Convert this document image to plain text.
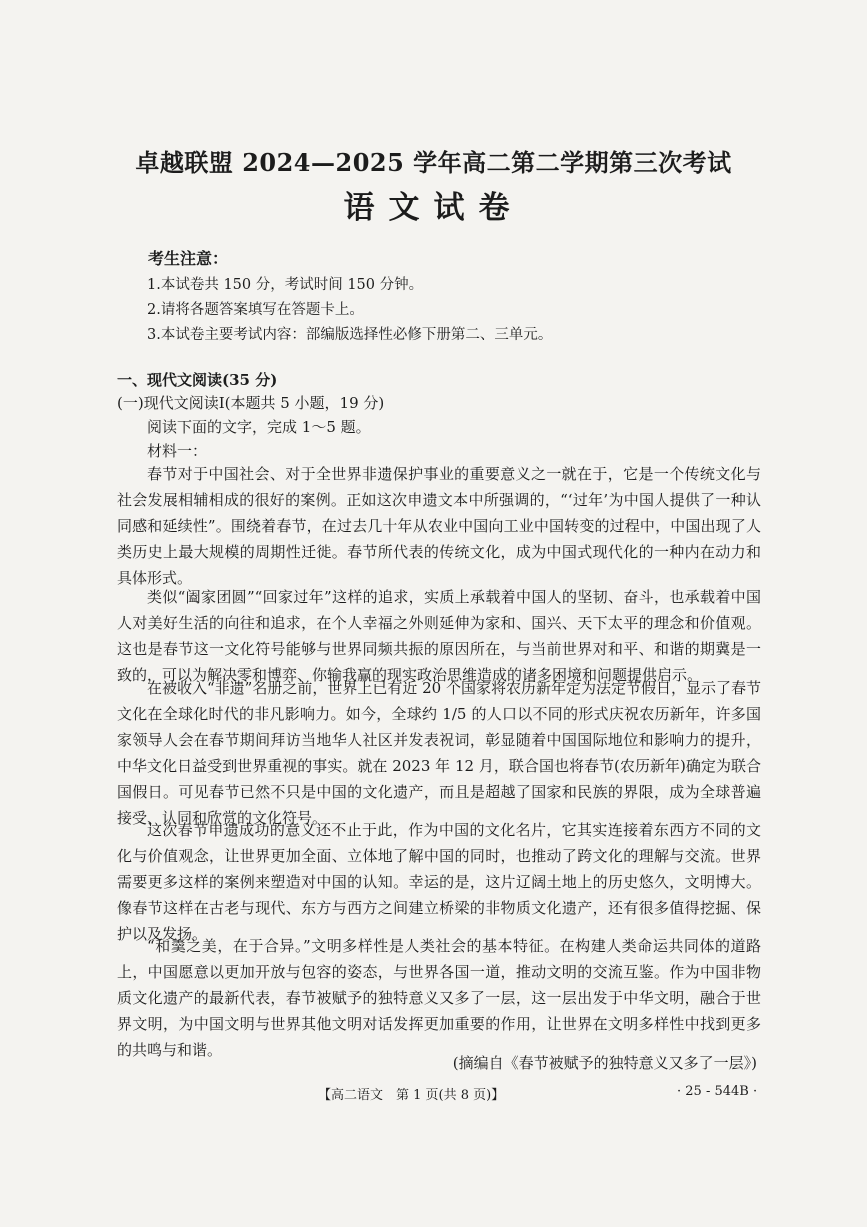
卓越联盟 2024—2025 学年高二第二学期第三次考试
语文试卷
考生注意：
1.本试卷共 150 分，考试时间 150 分钟。
2.请将各题答案填写在答题卡上。
3.本试卷主要考试内容：部编版选择性必修下册第二、三单元。
一、现代文阅读(35 分)
(一)现代文阅读Ⅰ(本题共 5 小题，19 分)
阅读下面的文字，完成 1～5 题。
材料一：
春节对于中国社会、对于全世界非遗保护事业的重要意义之一就在于，它是一个传统文化与社会发展相辅相成的很好的案例。正如这次申遗文本中所强调的，“‘过年’为中国人提供了一种认同感和延续性”。围绕着春节，在过去几十年从农业中国向工业中国转变的过程中，中国出现了人类历史上最大规模的周期性迁徙。春节所代表的传统文化，成为中国式现代化的一种内在动力和具体形式。
类似“阖家团圆”“回家过年”这样的追求，实质上承载着中国人的坚韧、奋斗，也承载着中国人对美好生活的向往和追求，在个人幸福之外则延伸为家和、国兴、天下太平的理念和价值观。这也是春节这一文化符号能够与世界同频共振的原因所在，与当前世界对和平、和谐的期冀是一致的，可以为解决零和博弈、你输我赢的现实政治思维造成的诸多困境和问题提供启示。
在被收入“非遗”名册之前，世界上已有近 20 个国家将农历新年定为法定节假日，显示了春节文化在全球化时代的非凡影响力。如今，全球约 1/5 的人口以不同的形式庆祝农历新年，许多国家领导人会在春节期间拜访当地华人社区并发表祝词，彰显随着中国国际地位和影响力的提升，中华文化日益受到世界重视的事实。就在 2023 年 12 月，联合国也将春节(农历新年)确定为联合国假日。可见春节已然不只是中国的文化遗产，而且是超越了国家和民族的界限，成为全球普遍接受、认同和欣赏的文化符号。
这次春节申遗成功的意义还不止于此，作为中国的文化名片，它其实连接着东西方不同的文化与价值观念，让世界更加全面、立体地了解中国的同时，也推动了跨文化的理解与交流。世界需要更多这样的案例来塑造对中国的认知。幸运的是，这片辽阔土地上的历史悠久，文明博大。像春节这样在古老与现代、东方与西方之间建立桥梁的非物质文化遗产，还有很多值得挖掘、保护以及发扬。
“和羹之美，在于合异。”文明多样性是人类社会的基本特征。在构建人类命运共同体的道路上，中国愿意以更加开放与包容的姿态，与世界各国一道，推动文明的交流互鉴。作为中国非物质文化遗产的最新代表，春节被赋予的独特意义又多了一层，这一层出发于中华文明，融合于世界文明，为中国文明与世界其他文明对话发挥更加重要的作用，让世界在文明多样性中找到更多的共鸣与和谐。
(摘编自《春节被赋予的独特意义又多了一层》)
【高二语文　第 1 页(共 8 页)】	· 25 - 544B ·
